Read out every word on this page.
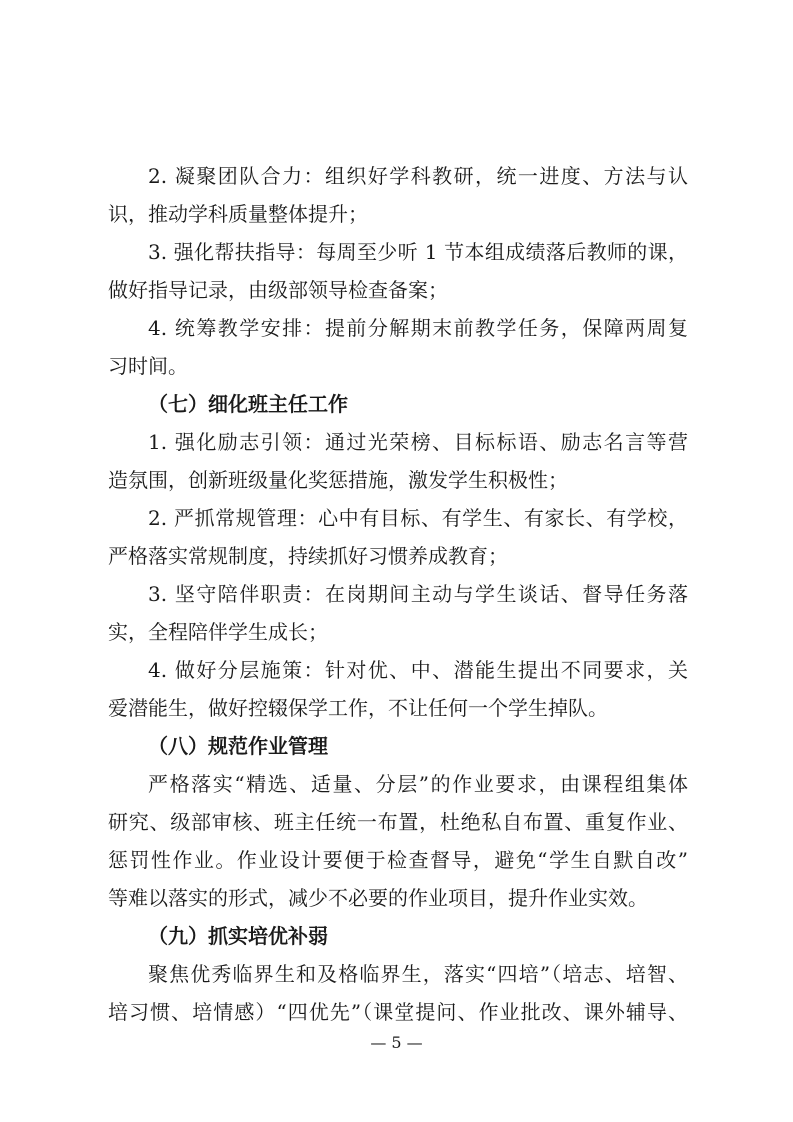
2. 凝聚团队合力：组织好学科教研，统一进度、方法与认
识，推动学科质量整体提升；
3. 强化帮扶指导：每周至少听 1 节本组成绩落后教师的课，
做好指导记录，由级部领导检查备案；
4. 统筹教学安排：提前分解期末前教学任务，保障两周复
习时间。
（七）细化班主任工作
1. 强化励志引领：通过光荣榜、目标标语、励志名言等营
造氛围，创新班级量化奖惩措施，激发学生积极性；
2. 严抓常规管理：心中有目标、有学生、有家长、有学校，
严格落实常规制度，持续抓好习惯养成教育；
3. 坚守陪伴职责：在岗期间主动与学生谈话、督导任务落
实，全程陪伴学生成长；
4. 做好分层施策：针对优、中、潜能生提出不同要求，关
爱潜能生，做好控辍保学工作，不让任何一个学生掉队。
（八）规范作业管理
严格落实“精选、适量、分层”的作业要求，由课程组集体
研究、级部审核、班主任统一布置，杜绝私自布置、重复作业、
惩罚性作业。作业设计要便于检查督导，避免“学生自默自改”
等难以落实的形式，减少不必要的作业项目，提升作业实效。
（九）抓实培优补弱
聚焦优秀临界生和及格临界生，落实“四培”（培志、培智、
培习惯、培情感）“四优先”（课堂提问、作业批改、课外辅导、
— 5 —
